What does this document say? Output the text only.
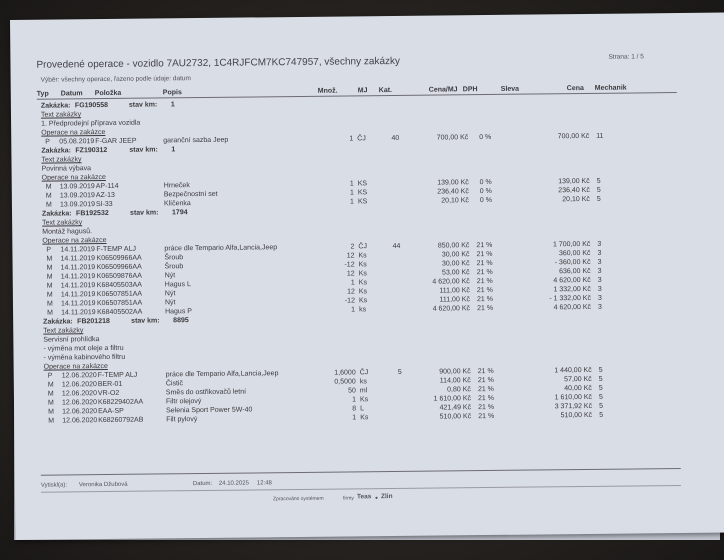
Provedené operace - vozidlo 7AU2732, 1C4RJFCM7KC747957, všechny zakázky	Strana: 1 / 5
Výběr: všechny operace, řazeno podle údaje: datum
Typ Datum Položka	Popis	Množ.	MJ Kat.	Cena/MJ DPH	Sleva	Cena Mechanik
Zakázka: FG190558	stav km: 1
Text zakázky
1. Předprodejní příprava vozidla
Operace na zakázce
P 05.08.2019 F-GAR JEEP	garanční sazba Jeep	1 ČJ	40	700,00 Kč	0 %	700,00 Kč 11
Zakázka: FZ190312	stav km: 1
Text zakázky
Povinná výbava
Operace na zakázce
M 13.09.2019 AP-114	Hrneček	1 KS	139,00 Kč	0 %	139,00 Kč 5
M 13.09.2019 AZ-13	Bezpečnostní set	1 KS	236,40 Kč	0 %	236,40 Kč 5
M 13.09.2019 SI-33	Klíčenka	1 KS	20,10 Kč	0 %	20,10 Kč 5
Zakázka: FB192532	stav km: 1794
Text zakázky
Montáž hagusů.
Operace na zakázce
P 14.11.2019 F-TEMP ALJ	práce dle Tempario Alfa,Lancia,Jeep	2 ČJ	44	850,00 Kč 21 %	1 700,00 Kč 3
M 14.11.2019 K06509966AA	Šroub	12 Ks	30,00 Kč 21 %	360,00 Kč 3
M 14.11.2019 K06509966AA	Šroub	-12 Ks	30,00 Kč 21 %	- 360,00 Kč 3
M 14.11.2019 K06509876AA	Nýt	12 Ks	53,00 Kč 21 %	636,00 Kč 3
M 14.11.2019 K68405503AA	Hagus L	1 Ks	4 620,00 Kč 21 %	4 620,00 Kč 3
M 14.11.2019 K06507851AA	Nýt	12 Ks	111,00 Kč 21 %	1 332,00 Kč 3
M 14.11.2019 K06507851AA	Nýt	-12 Ks	111,00 Kč 21 %	- 1 332,00 Kč 3
M 14.11.2019 K68405502AA	Hagus P	1 ks	4 620,00 Kč 21 %	4 620,00 Kč 3
Zakázka: FB201218	stav km: 8895
Text zakázky
Servisní prohlídka
- výměna mot oleje a filtru
- výměna kabinového filtru
Operace na zakázce
P 12.06.2020 F-TEMP ALJ	práce dle Tempario Alfa,Lancia,Jeep	1,6000 ČJ	5	900,00 Kč 21 %	1 440,00 Kč 5
M 12.06.2020 BER-01	Čistič	0,5000 ks	114,00 Kč 21 %	57,00 Kč 5
M 12.06.2020 VR-O2	Směs do ostřikovačů letní	50 ml	0,80 Kč 21 %	40,00 Kč 5
M 12.06.2020 K68229402AA	Filtr olejový	1 Ks	1 610,00 Kč 21 %	1 610,00 Kč 5
M 12.06.2020 EAA-SP	Selenia Sport Power 5W-40	8 L	421,49 Kč 21 %	3 371,92 Kč 5
M 12.06.2020 K68260792AB	Filt pylový	1 Ks	510,00 Kč 21 %	510,00 Kč 5
Vytiskl(a): Veronika Džubová	Datum: 24.10.2025 12:48
Zpracováno systémem	firmy Teas ● Zlin
